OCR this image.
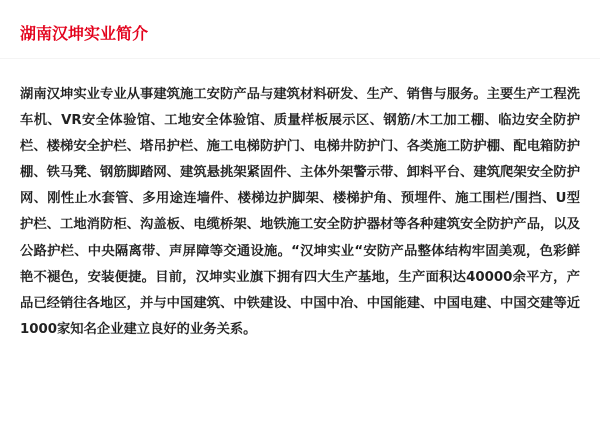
湖南汉坤实业简介

湖南汉坤实业专业从事建筑施工安防产品与建筑材料研发、生产、销售与服务。主要生产工程洗车机、VR安全体验馆、工地安全体验馆、质量样板展示区、钢筋/木工加工棚、临边安全防护栏、楼梯安全护栏、塔吊护栏、施工电梯防护门、电梯井防护门、各类施工防护棚、配电箱防护棚、铁马凳、钢筋脚踏网、建筑悬挑架紧固件、主体外架警示带、卸料平台、建筑爬架安全防护网、刚性止水套管、多用途连墙件、楼梯边护脚架、楼梯护角、预埋件、施工围栏/围挡、U型护栏、工地消防柜、沟盖板、电缆桥架、地铁施工安全防护器材等各种建筑安全防护产品，以及公路护栏、中央隔离带、声屏障等交通设施。“汉坤实业“安防产品整体结构牢固美观，色彩鲜艳不褪色，安装便捷。目前，汉坤实业旗下拥有四大生产基地，生产面积达40000余平方，产品已经销往各地区，并与中国建筑、中铁建设、中国中冶、中国能建、中国电建、中国交建等近1000家知名企业建立良好的业务关系。
